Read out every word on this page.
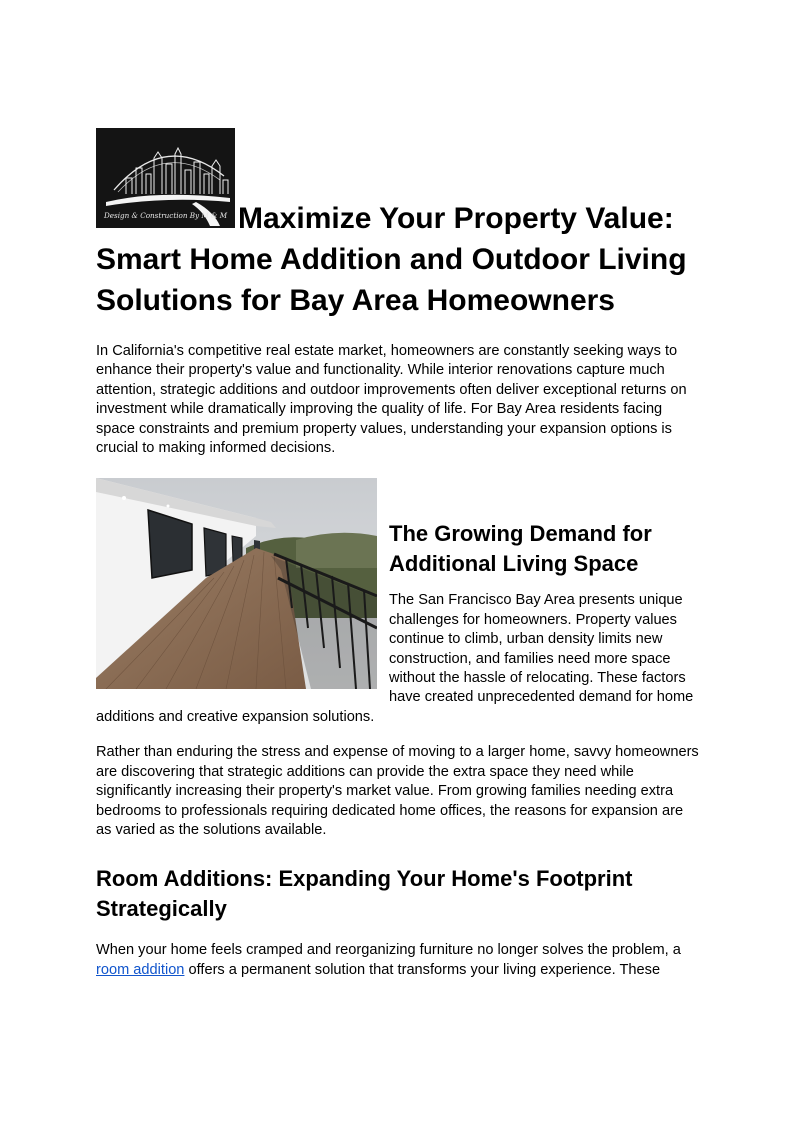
Design & Construction By M & M Maximize Your Property Value: Smart Home Addition and Outdoor Living Solutions for Bay Area Homeowners

In California's competitive real estate market, homeowners are constantly seeking ways to enhance their property's value and functionality. While interior renovations capture much attention, strategic additions and outdoor improvements often deliver exceptional returns on investment while dramatically improving the quality of life. For Bay Area residents facing space constraints and premium property values, understanding your expansion options is crucial to making informed decisions.

The Growing Demand for Additional Living Space

The San Francisco Bay Area presents unique challenges for homeowners. Property values continue to climb, urban density limits new construction, and families need more space without the hassle of relocating. These factors have created unprecedented demand for home additions and creative expansion solutions.

Rather than enduring the stress and expense of moving to a larger home, savvy homeowners are discovering that strategic additions can provide the extra space they need while significantly increasing their property's market value. From growing families needing extra bedrooms to professionals requiring dedicated home offices, the reasons for expansion are as varied as the solutions available.

Room Additions: Expanding Your Home's Footprint Strategically

When your home feels cramped and reorganizing furniture no longer solves the problem, a room addition offers a permanent solution that transforms your living experience. These
